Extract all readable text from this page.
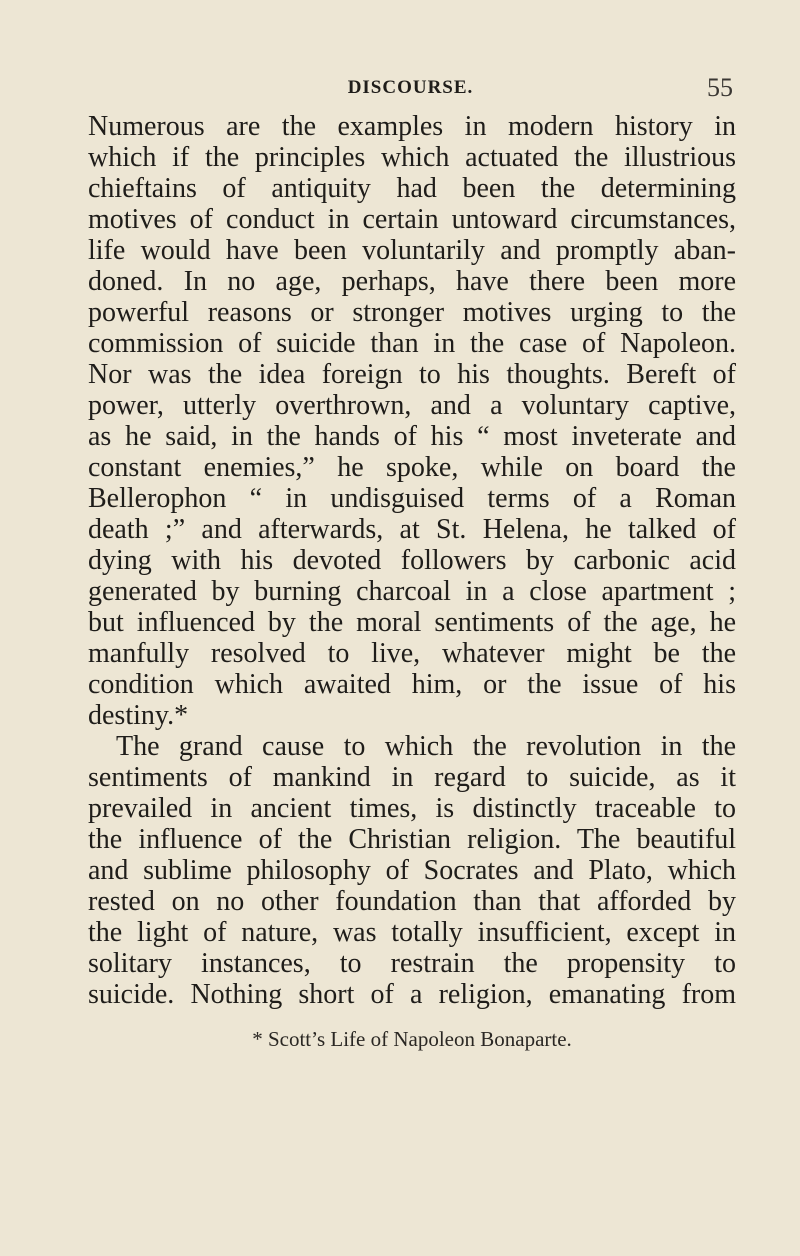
DISCOURSE.	55
Numerous are the examples in modern history in
which if the principles which actuated the illustrious
chieftains of antiquity had been the determining
motives of conduct in certain untoward circumstances,
life would have been voluntarily and promptly aban-
doned. In no age, perhaps, have there been more
powerful reasons or stronger motives urging to the
commission of suicide than in the case of Napoleon.
Nor was the idea foreign to his thoughts. Bereft of
power, utterly overthrown, and a voluntary captive,
as he said, in the hands of his “ most inveterate and
constant enemies,” he spoke, while on board the
Bellerophon “ in undisguised terms of a Roman
death ;” and afterwards, at St. Helena, he talked of
dying with his devoted followers by carbonic acid
generated by burning charcoal in a close apartment ;
but influenced by the moral sentiments of the age, he
manfully resolved to live, whatever might be the
condition which awaited him, or the issue of his
destiny.*
The grand cause to which the revolution in the
sentiments of mankind in regard to suicide, as it
prevailed in ancient times, is distinctly traceable to
the influence of the Christian religion. The beautiful
and sublime philosophy of Socrates and Plato, which
rested on no other foundation than that afforded by
the light of nature, was totally insufficient, except in
solitary instances, to restrain the propensity to
suicide. Nothing short of a religion, emanating from
* Scott’s Life of Napoleon Bonaparte.
